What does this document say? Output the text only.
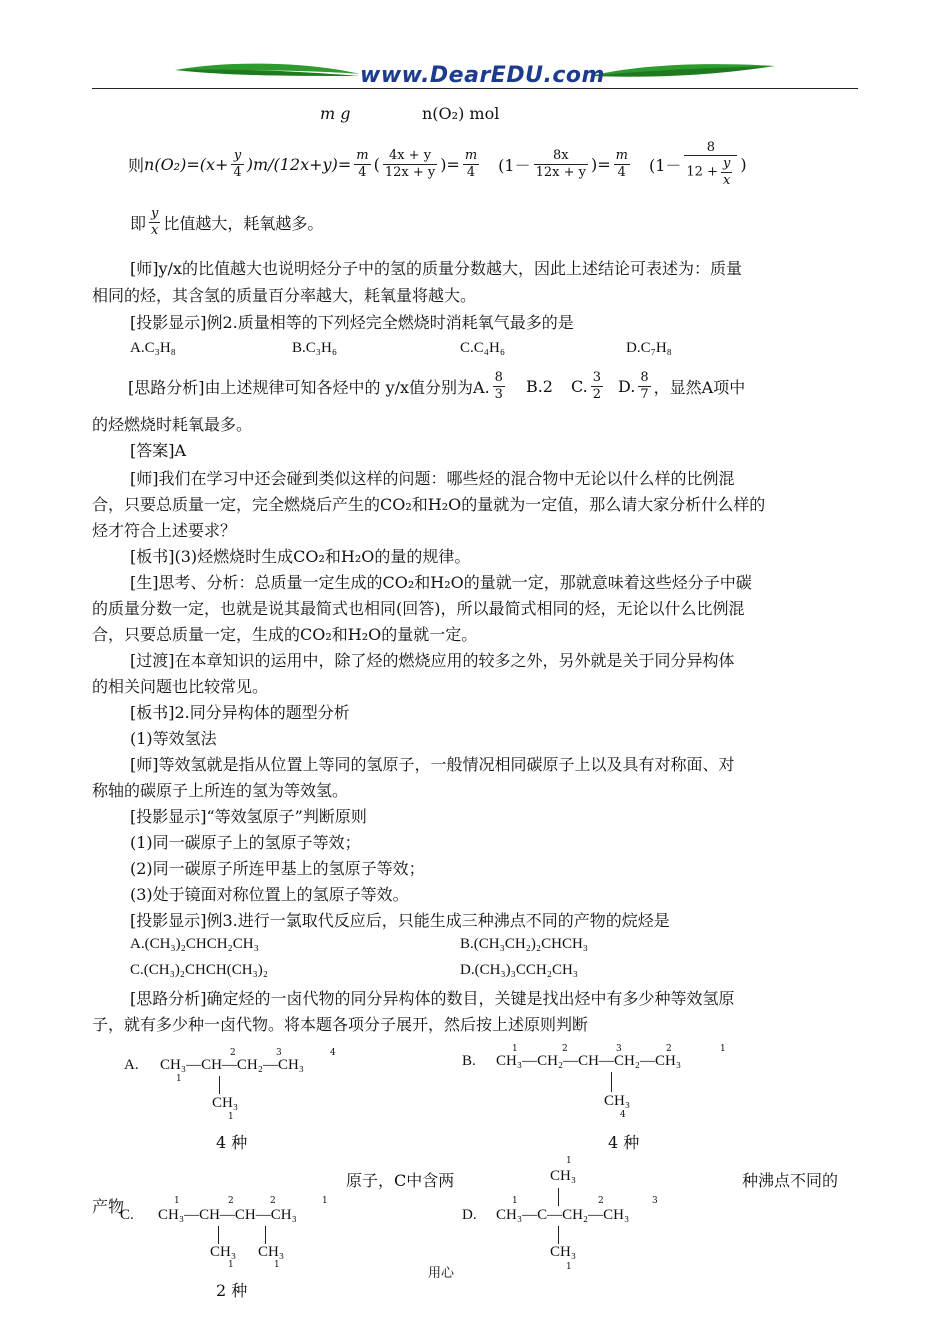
www.DearEDU.com
m g	n(O₂) mol
则 $n(O_2)=(x+ \frac{y}{4} )m/(12x+y)= \frac{m}{4}$ ( $\frac{4x + y}{12x + y}$ )= $\frac{m}{4} (1- \frac{8x}{12x + y}$ )= $\frac{m}{4} (1- \frac{8}{12 + \frac{y}{x}}$ )
即 $\frac{y}{x}$ 比值越大，耗氧越多。
[师]y/x的比值越大也说明烃分子中的氢的质量分数越大，因此上述结论可表述为：质量
相同的烃，其含氢的质量百分率越大，耗氧量将越大。
[投影显示]例2.质量相等的下列烃完全燃烧时消耗氧气最多的是
A.C₃H₈	B.C₃H₆	C.C₄H₆	D.C₇H₈
[思路分析]由上述规律可知各烃中的 y/x值分别为A. $\frac{8}{3} B.2$ C. $\frac{3}{2} D$. $\frac{8}{7}$ ，显然A项中
的烃燃烧时耗氧最多。
[答案]A
[师]我们在学习中还会碰到类似这样的问题：哪些烃的混合物中无论以什么样的比例混
合，只要总质量一定，完全燃烧后产生的CO₂和H₂O的量就为一定值，那么请大家分析什么样的
烃才符合上述要求？
[板书](3)烃燃烧时生成CO₂和H₂O的量的规律。
[生]思考、分析：总质量一定生成的CO₂和H₂O的量就一定，那就意味着这些烃分子中碳
的质量分数一定，也就是说其最简式也相同(回答)，所以最简式相同的烃，无论以什么比例混
合，只要总质量一定，生成的CO₂和H₂O的量就一定。
[过渡]在本章知识的运用中，除了烃的燃烧应用的较多之外，另外就是关于同分异构体
的相关问题也比较常见。
[板书]2.同分异构体的题型分析
(1)等效氢法
[师]等效氢就是指从位置上等同的氢原子，一般情况相同碳原子上以及具有对称面、对
称轴的碳原子上所连的氢为等效氢。
[投影显示]“等效氢原子”判断原则
(1)同一碳原子上的氢原子等效；
(2)同一碳原子所连甲基上的氢原子等效；
(3)处于镜面对称位置上的氢原子等效。
[投影显示]例3.进行一氯取代反应后，只能生成三种沸点不同的产物的烷烃是
A.(CH₃)₂CHCH₂CH₃	B.(CH₃CH₂)₂CHCH₃
C.(CH₃)₂CHCH(CH₃)₂	D.(CH₃)₃CCH₂CH₃
[思路分析]确定烃的一卤代物的同分异构体的数目，关键是找出烃中有多少种等效氢原
子，就有多少种一卤代物。将本题各项分子展开，然后按上述原则判断
A. CH₃—CH—CH₂—CH₃
1
2	3	4
CH₃
1
4 种
B. CH₃—CH₂—CH—CH₂—CH₃
1	2	3	2	1
CH₃
4
4 种
原子，C中含两	种沸点不同的
产物
C. CH₃—CH—CH—CH₃
1	2	2	1
CH₃ CH₃
1	1
2 种
1
CH₃
D. CH₃—C—CH₂—CH₃
1	2	3
CH₃
1
用心
